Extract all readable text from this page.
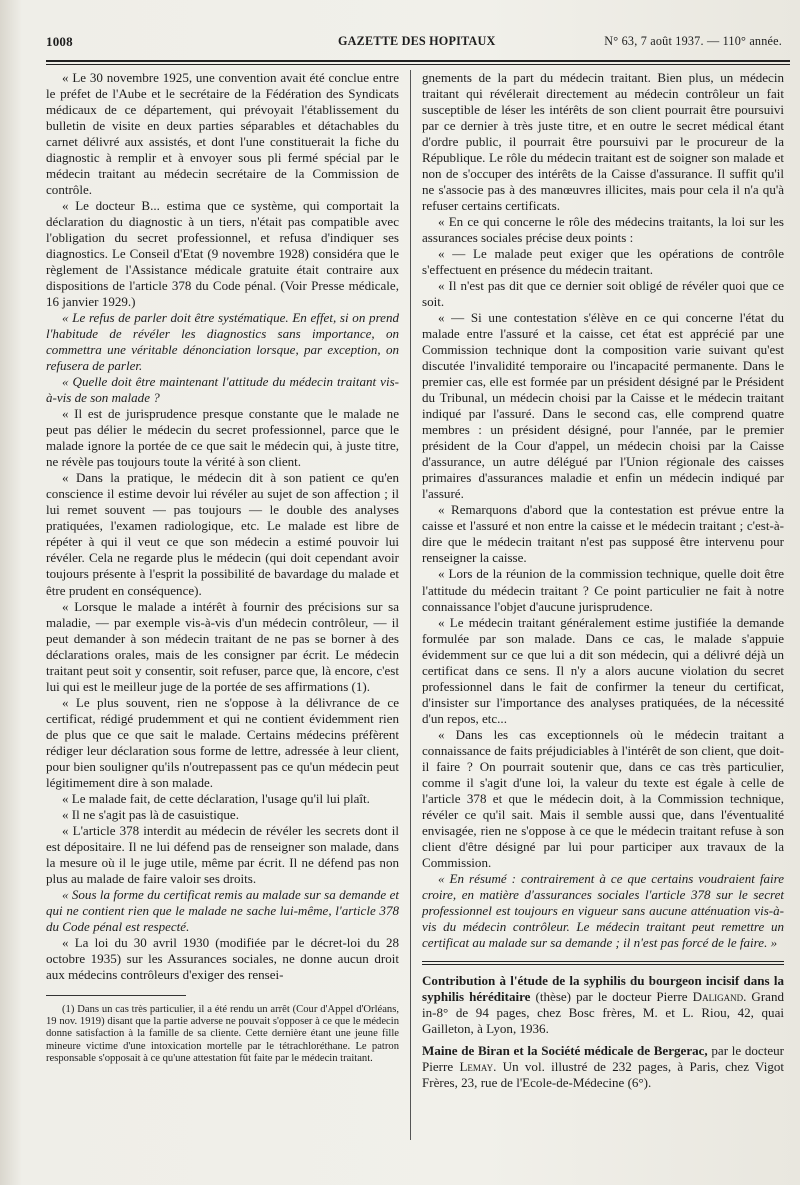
1008	GAZETTE DES HOPITAUX	N° 63, 7 août 1937. — 110° année.

« Le 30 novembre 1925, une convention avait été conclue entre le préfet de l'Aube et le secrétaire de la Fédération des Syndicats médicaux de ce département, qui prévoyait l'établissement du bulletin de visite en deux parties séparables et détachables du carnet délivré aux assistés, et dont l'une constituerait la fiche du diagnostic à remplir et à envoyer sous pli fermé spécial par le médecin traitant au médecin secrétaire de la Commission de contrôle.

« Le docteur B... estima que ce système, qui comportait la déclaration du diagnostic à un tiers, n'était pas compatible avec l'obligation du secret professionnel, et refusa d'indiquer ses diagnostics. Le Conseil d'Etat (9 novembre 1928) considéra que le règlement de l'Assistance médicale gratuite était contraire aux dispositions de l'article 378 du Code pénal. (Voir Presse médicale, 16 janvier 1929.)

« Le refus de parler doit être systématique. En effet, si on prend l'habitude de révéler les diagnostics sans importance, on commettra une véritable dénonciation lorsque, par exception, on refusera de parler.

« Quelle doit être maintenant l'attitude du médecin traitant vis-à-vis de son malade ?

« Il est de jurisprudence presque constante que le malade ne peut pas délier le médecin du secret professionnel, parce que le malade ignore la portée de ce que sait le médecin qui, à juste titre, ne révèle pas toujours toute la vérité à son client.

« Dans la pratique, le médecin dit à son patient ce qu'en conscience il estime devoir lui révéler au sujet de son affection ; il lui remet souvent — pas toujours — le double des analyses pratiquées, l'examen radiologique, etc. Le malade est libre de répéter à qui il veut ce que son médecin a estimé pouvoir lui révéler. Cela ne regarde plus le médecin (qui doit cependant avoir toujours présente à l'esprit la possibilité de bavardage du malade et être prudent en conséquence).

« Lorsque le malade a intérêt à fournir des précisions sur sa maladie, — par exemple vis-à-vis d'un médecin contrôleur, — il peut demander à son médecin traitant de ne pas se borner à des déclarations orales, mais de les consigner par écrit. Le médecin traitant peut soit y consentir, soit refuser, parce que, là encore, c'est lui qui est le meilleur juge de la portée de ses affirmations (1).

« Le plus souvent, rien ne s'oppose à la délivrance de ce certificat, rédigé prudemment et qui ne contient évidemment rien de plus que ce que sait le malade. Certains médecins préfèrent rédiger leur déclaration sous forme de lettre, adressée à leur client, pour bien souligner qu'ils n'outrepassent pas ce qu'un médecin peut légitimement dire à son malade.

« Le malade fait, de cette déclaration, l'usage qu'il lui plaît.

« Il ne s'agit pas là de casuistique.

« L'article 378 interdit au médecin de révéler les secrets dont il est dépositaire. Il ne lui défend pas de renseigner son malade, dans la mesure où il le juge utile, même par écrit. Il ne défend pas non plus au malade de faire valoir ses droits.

« Sous la forme du certificat remis au malade sur sa demande et qui ne contient rien que le malade ne sache lui-même, l'article 378 du Code pénal est respecté.

« La loi du 30 avril 1930 (modifiée par le décret-loi du 28 octobre 1935) sur les Assurances sociales, ne donne aucun droit aux médecins contrôleurs d'exiger des rensei-

(1) Dans un cas très particulier, il a été rendu un arrêt (Cour d'Appel d'Orléans, 19 nov. 1919) disant que la partie adverse ne pouvait s'opposer à ce que le médecin donne satisfaction à la famille de sa cliente. Cette dernière étant une jeune fille mineure victime d'une intoxication mortelle par le tétrachloréthane. Le patron responsable s'opposait à ce qu'une attestation fût faite par le médecin traitant.

gnements de la part du médecin traitant. Bien plus, un médecin traitant qui révélerait directement au médecin contrôleur un fait susceptible de léser les intérêts de son client pourrait être poursuivi par ce dernier à très juste titre, et en outre le secret médical étant d'ordre public, il pourrait être poursuivi par le procureur de la République. Le rôle du médecin traitant est de soigner son malade et non de s'occuper des intérêts de la Caisse d'assurance. Il suffit qu'il ne s'associe pas à des manœuvres illicites, mais pour cela il n'a qu'à refuser certains certificats.

« En ce qui concerne le rôle des médecins traitants, la loi sur les assurances sociales précise deux points :

« — Le malade peut exiger que les opérations de contrôle s'effectuent en présence du médecin traitant.

« Il n'est pas dit que ce dernier soit obligé de révéler quoi que ce soit.

« — Si une contestation s'élève en ce qui concerne l'état du malade entre l'assuré et la caisse, cet état est apprécié par une Commission technique dont la composition varie suivant qu'est discutée l'invalidité temporaire ou l'incapacité permanente. Dans le premier cas, elle est formée par un président désigné par le Président du Tribunal, un médecin choisi par la Caisse et le médecin traitant indiqué par l'assuré. Dans le second cas, elle comprend quatre membres : un président désigné, pour l'année, par le premier président de la Cour d'appel, un médecin choisi par la Caisse d'assurance, un autre délégué par l'Union régionale des caisses primaires d'assurances maladie et enfin un médecin indiqué par l'assuré.

« Remarquons d'abord que la contestation est prévue entre la caisse et l'assuré et non entre la caisse et le médecin traitant ; c'est-à-dire que le médecin traitant n'est pas supposé être intervenu pour renseigner la caisse.

« Lors de la réunion de la commission technique, quelle doit être l'attitude du médecin traitant ? Ce point particulier ne fait à notre connaissance l'objet d'aucune jurisprudence.

« Le médecin traitant généralement estime justifiée la demande formulée par son malade. Dans ce cas, le malade s'appuie évidemment sur ce que lui a dit son médecin, qui a délivré déjà un certificat dans ce sens. Il n'y a alors aucune violation du secret professionnel dans le fait de confirmer la teneur du certificat, d'insister sur l'importance des analyses pratiquées, de la nécessité d'un repos, etc...

« Dans les cas exceptionnels où le médecin traitant a connaissance de faits préjudiciables à l'intérêt de son client, que doit-il faire ? On pourrait soutenir que, dans ce cas très particulier, comme il s'agit d'une loi, la valeur du texte est égale à celle de l'article 378 et que le médecin doit, à la Commission technique, révéler ce qu'il sait. Mais il semble aussi que, dans l'éventualité envisagée, rien ne s'oppose à ce que le médecin traitant refuse à son client d'être désigné par lui pour participer aux travaux de la Commission.

« En résumé : contrairement à ce que certains voudraient faire croire, en matière d'assurances sociales l'article 378 sur le secret professionnel est toujours en vigueur sans aucune atténuation vis-à-vis du médecin contrôleur. Le médecin traitant peut remettre un certificat au malade sur sa demande ; il n'est pas forcé de le faire. »

Contribution à l'étude de la syphilis du bourgeon incisif dans la syphilis héréditaire (thèse) par le docteur Pierre Daligand. Grand in-8° de 94 pages, chez Bosc frères, M. et L. Riou, 42, quai Gailleton, à Lyon, 1936.

Maine de Biran et la Société médicale de Bergerac, par le docteur Pierre Lemay. Un vol. illustré de 232 pages, à Paris, chez Vigot Frères, 23, rue de l'Ecole-de-Médecine (6°).
